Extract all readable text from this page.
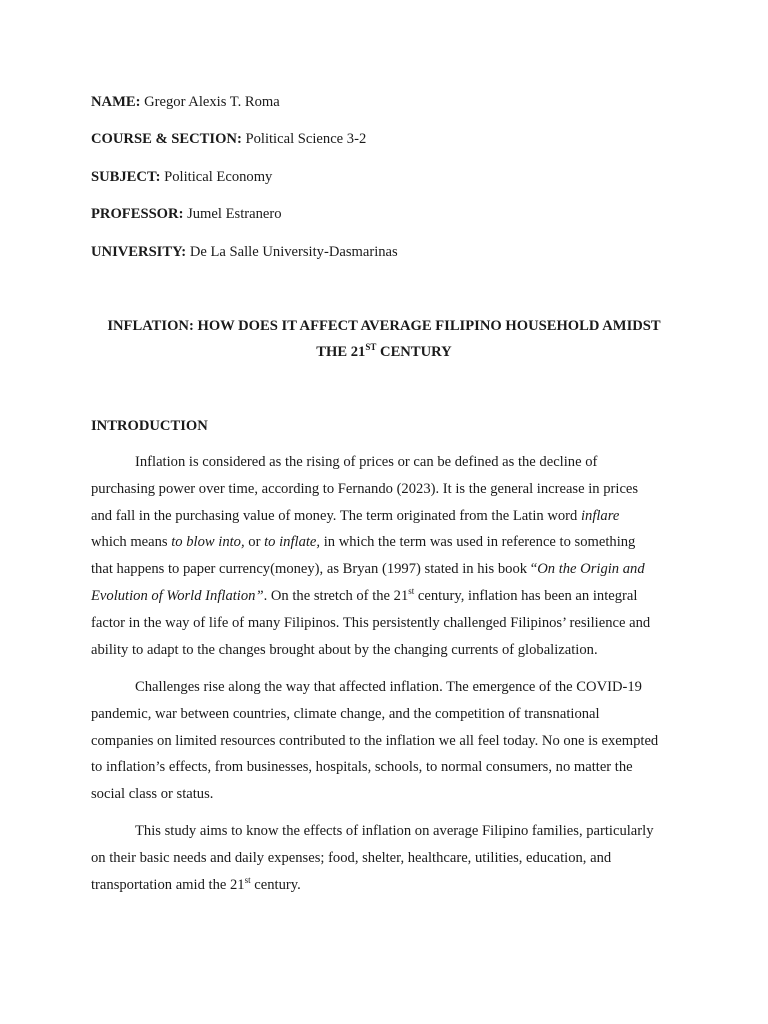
NAME: Gregor Alexis T. Roma
COURSE & SECTION: Political Science 3-2
SUBJECT: Political Economy
PROFESSOR: Jumel Estranero
UNIVERSITY: De La Salle University-Dasmarinas
INFLATION: HOW DOES IT AFFECT AVERAGE FILIPINO HOUSEHOLD AMIDST
THE 21ST CENTURY
INTRODUCTION
Inflation is considered as the rising of prices or can be defined as the decline of
purchasing power over time, according to Fernando (2023). It is the general increase in prices
and fall in the purchasing value of money. The term originated from the Latin word inflare
which means to blow into, or to inflate, in which the term was used in reference to something
that happens to paper currency(money), as Bryan (1997) stated in his book “On the Origin and
Evolution of World Inflation”. On the stretch of the 21st century, inflation has been an integral
factor in the way of life of many Filipinos. This persistently challenged Filipinos’ resilience and
ability to adapt to the changes brought about by the changing currents of globalization.
Challenges rise along the way that affected inflation. The emergence of the COVID-19
pandemic, war between countries, climate change, and the competition of transnational
companies on limited resources contributed to the inflation we all feel today. No one is exempted
to inflation’s effects, from businesses, hospitals, schools, to normal consumers, no matter the
social class or status.
This study aims to know the effects of inflation on average Filipino families, particularly
on their basic needs and daily expenses; food, shelter, healthcare, utilities, education, and
transportation amid the 21st century.
